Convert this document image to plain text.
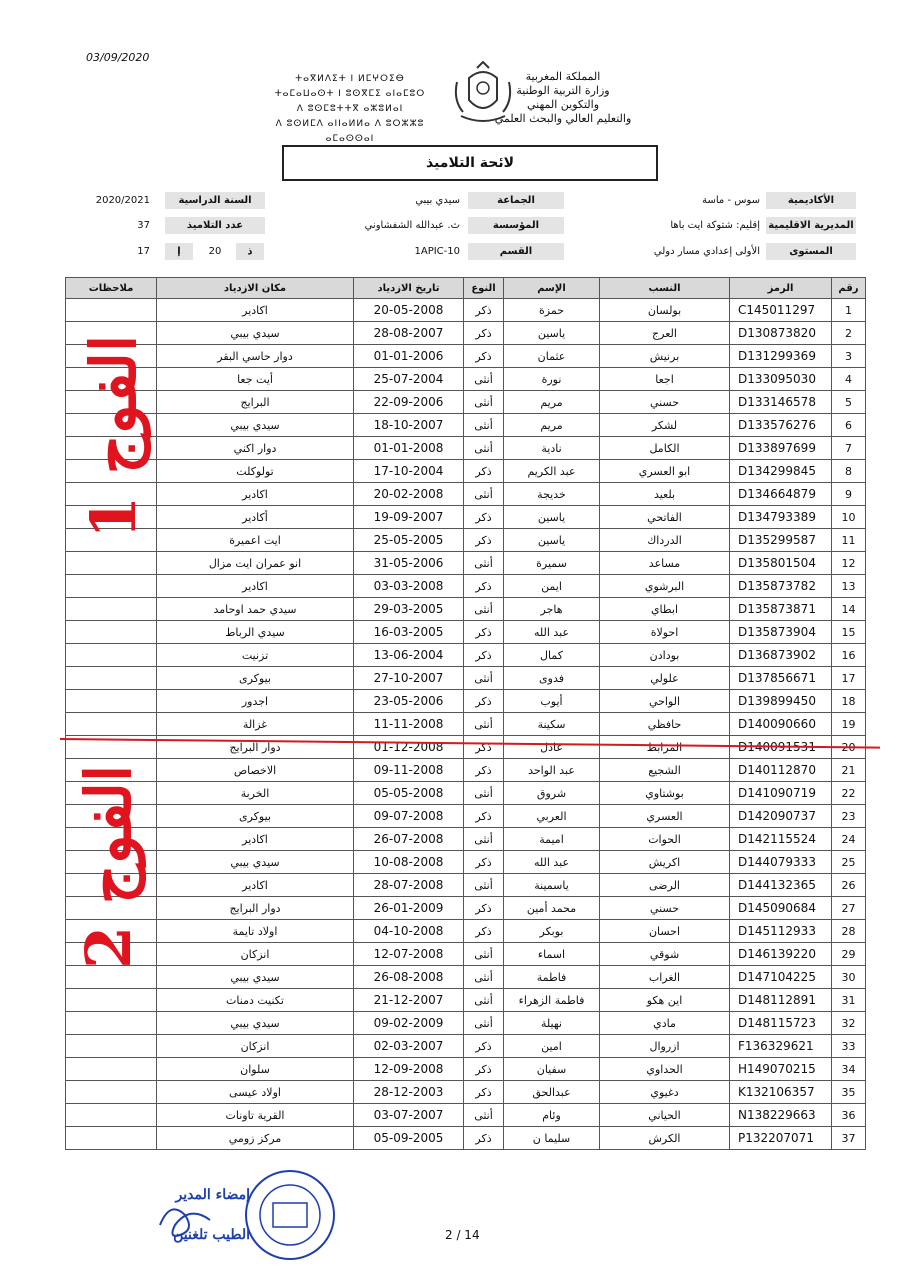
03/09/2020
المملكة المغربية
وزارة التربية الوطنية
والتكوين المهني
والتعليم العالي والبحث العلمي
ⵜⴰⴳⵍⴷⵉⵜ ⵏ ⵍⵎⵖⵔⵉⴱ
ⵜⴰⵎⴰⵡⴰⵙⵜ ⵏ ⵓⵙⴳⵎⵉ ⴰⵏⴰⵎⵓⵔ
ⴷ ⵓⵙⵎⵓⵜⵜⴳ ⴰⵣⵓⵍⴰⵏ
ⴷ ⵓⵙⵍⵎⴷ ⴰⵏⵏⴰⵍⵍⴰ ⴷ ⵓⵔⵣⵣⵓ ⴰⵎⴰⵙⵙⴰⵏ
لائحة التلاميذ
الأكاديمية
سوس - ماسة
المديرية الاقليمية
إقليم: شتوكة ايت باها
المستوى
الأولى إعدادي مسار دولي
الجماعة
سيدي بيبي
المؤسسة
ث. عبدالله الشفشاوني
القسم
1APIC-10
السنة الدراسية
2020/2021
عدد التلاميذ
37
ذ
20
إ
17
رقم	الرمز	النسب	الإسم	النوع	تاريخ الازدياد	مكان الازدياد	ملاحظات
1	C145011297	بولسان	حمزة	ذكر	20-05-2008	اكادير	
2	D130873820	العرج	ياسين	ذكر	28-08-2007	سيدي بيبي	
3	D131299369	برنيش	عثمان	ذكر	01-01-2006	دوار حاسي البقر	
4	D133095030	اجعا	نورة	أنثى	25-07-2004	أيت جعا	
5	D133146578	حسني	مريم	أنثى	22-09-2006	البرايج	
6	D133576276	لشكر	مريم	أنثى	18-10-2007	سيدي بيبي	
7	D133897699	الكامل	نادية	أنثى	01-01-2008	دوار اكني	
8	D134299845	ابو العسري	عبد الكريم	ذكر	17-10-2004	تولوكلت	
9	D134664879	بلعيد	خديجة	أنثى	20-02-2008	اكادير	
10	D134793389	الفاتحي	ياسين	ذكر	19-09-2007	أكادير	
11	D135299587	الدرداك	ياسين	ذكر	25-05-2005	ايت اعميرة	
12	D135801504	مساعد	سميرة	أنثى	31-05-2006	انو عمران ايت مزال	
13	D135873782	البرشوي	ايمن	ذكر	03-03-2008	اكادير	
14	D135873871	ابطاي	هاجر	أنثى	29-03-2005	سيدي حمد اوحامد	
15	D135873904	احولاة	عبد الله	ذكر	16-03-2005	سيدي الرباط	
16	D136873902	بودادن	كمال	ذكر	13-06-2004	تزنيت	
17	D137856671	علولي	فدوى	أنثى	27-10-2007	بيوكرى	
18	D139899450	الواحي	أيوب	ذكر	23-05-2006	اجدور	
19	D140090660	حافظي	سكينة	أنثى	11-11-2008	غزالة	
20	D140091531	المرابط	عادل	ذكر	01-12-2008	دوار البرايج	
21	D140112870	الشجيع	عبد الواحد	ذكر	09-11-2008	الاخصاص	
22	D141090719	بوشتاوي	شروق	أنثى	05-05-2008	الخربة	
23	D142090737	العسري	العربي	ذكر	09-07-2008	بيوكرى	
24	D142115524	الحوات	اميمة	أنثى	26-07-2008	اكادير	
25	D144079333	اكريش	عبد الله	ذكر	10-08-2008	سيدي بيبي	
26	D144132365	الرضى	ياسمينة	أنثى	28-07-2008	اكادير	
27	D145090684	حسني	محمد أمين	ذكر	26-01-2009	دوار البرايج	
28	D145112933	احسان	بوبكر	ذكر	04-10-2008	اولاد تايمة	
29	D146139220	شوقي	اسماء	أنثى	12-07-2008	انزكان	
30	D147104225	الغراب	فاطمة	أنثى	26-08-2008	سيدي بيبي	
31	D148112891	اين هكو	فاطمة الزهراء	أنثى	21-12-2007	تكنيت دمنات	
32	D148115723	مادي	نهيلة	أنثى	09-02-2009	سيدي بيبي	
33	F136329621	ازروال	امين	ذكر	02-03-2007	انزكان	
34	H149070215	الحداوي	سفيان	ذكر	12-09-2008	سلوان	
35	K132106357	دغيوي	عبدالحق	ذكر	28-12-2003	اولاد عيسى	
36	N138229663	الحياني	وئام	أنثى	03-07-2007	القرية تاونات	
37	P132207071	الكرش	سليما ن	ذكر	05-09-2005	مركز زومي	
الفوج 1
الفوج 2
إمضاء المدير
الطيب تلغنين	2 / 14
